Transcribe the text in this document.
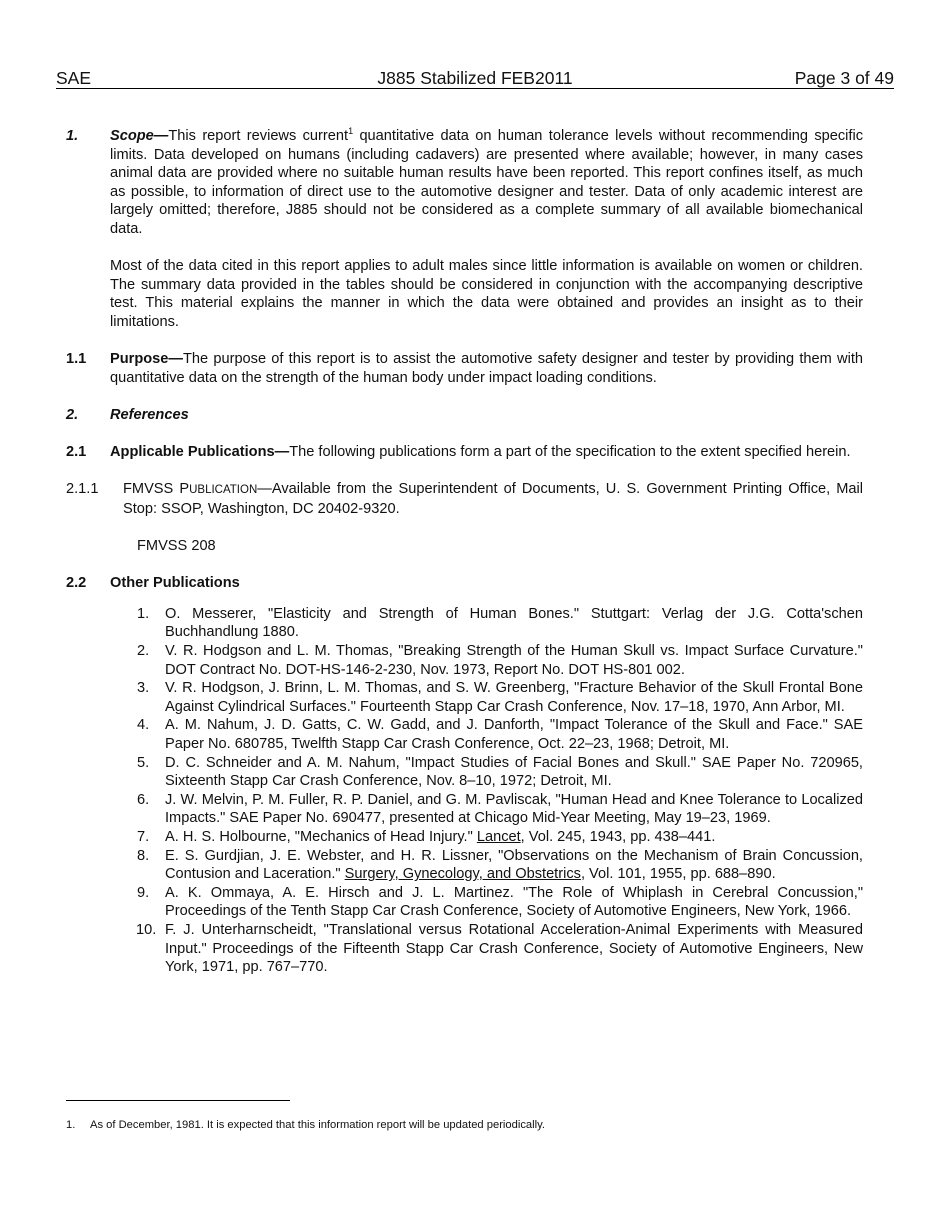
SAE	J885 Stabilized FEB2011	Page 3 of 49
1. Scope—This report reviews current$^1$ quantitative data on human tolerance levels without recommending specific limits. Data developed on humans (including cadavers) are presented where available; however, in many cases animal data are provided where no suitable human results have been reported. This report confines itself, as much as possible, to information of direct use to the automotive designer and tester. Data of only academic interest are largely omitted; therefore, J885 should not be considered as a complete summary of all available biomechanical data.
Most of the data cited in this report applies to adult males since little information is available on women or children. The summary data provided in the tables should be considered in conjunction with the accompanying descriptive test. This material explains the manner in which the data were obtained and provides an insight as to their limitations.
1.1 Purpose—The purpose of this report is to assist the automotive safety designer and tester by providing them with quantitative data on the strength of the human body under impact loading conditions.
2. References
2.1 Applicable Publications—The following publications form a part of the specification to the extent specified herein.
2.1.1 FMVSS PUBLICATION—Available from the Superintendent of Documents, U. S. Government Printing Office, Mail Stop: SSOP, Washington, DC 20402-9320.
FMVSS 208
2.2 Other Publications
1. O. Messerer, "Elasticity and Strength of Human Bones." Stuttgart: Verlag der J.G. Cotta'schen Buchhandlung 1880.
2. V. R. Hodgson and L. M. Thomas, "Breaking Strength of the Human Skull vs. Impact Surface Curvature." DOT Contract No. DOT-HS-146-2-230, Nov. 1973, Report No. DOT HS-801 002.
3. V. R. Hodgson, J. Brinn, L. M. Thomas, and S. W. Greenberg, "Fracture Behavior of the Skull Frontal Bone Against Cylindrical Surfaces." Fourteenth Stapp Car Crash Conference, Nov. 17–18, 1970, Ann Arbor, MI.
4. A. M. Nahum, J. D. Gatts, C. W. Gadd, and J. Danforth, "Impact Tolerance of the Skull and Face." SAE Paper No. 680785, Twelfth Stapp Car Crash Conference, Oct. 22–23, 1968; Detroit, MI.
5. D. C. Schneider and A. M. Nahum, "Impact Studies of Facial Bones and Skull." SAE Paper No. 720965, Sixteenth Stapp Car Crash Conference, Nov. 8–10, 1972; Detroit, MI.
6. J. W. Melvin, P. M. Fuller, R. P. Daniel, and G. M. Pavliscak, "Human Head and Knee Tolerance to Localized Impacts." SAE Paper No. 690477, presented at Chicago Mid-Year Meeting, May 19–23, 1969.
7. A. H. S. Holbourne, "Mechanics of Head Injury." Lancet, Vol. 245, 1943, pp. 438–441.
8. E. S. Gurdjian, J. E. Webster, and H. R. Lissner, "Observations on the Mechanism of Brain Concussion, Contusion and Laceration." Surgery, Gynecology, and Obstetrics, Vol. 101, 1955, pp. 688–890.
9. A. K. Ommaya, A. E. Hirsch and J. L. Martinez. "The Role of Whiplash in Cerebral Concussion," Proceedings of the Tenth Stapp Car Crash Conference, Society of Automotive Engineers, New York, 1966.
10. F. J. Unterharnscheidt, "Translational versus Rotational Acceleration-Animal Experiments with Measured Input." Proceedings of the Fifteenth Stapp Car Crash Conference, Society of Automotive Engineers, New York, 1971, pp. 767–770.
1. As of December, 1981. It is expected that this information report will be updated periodically.
